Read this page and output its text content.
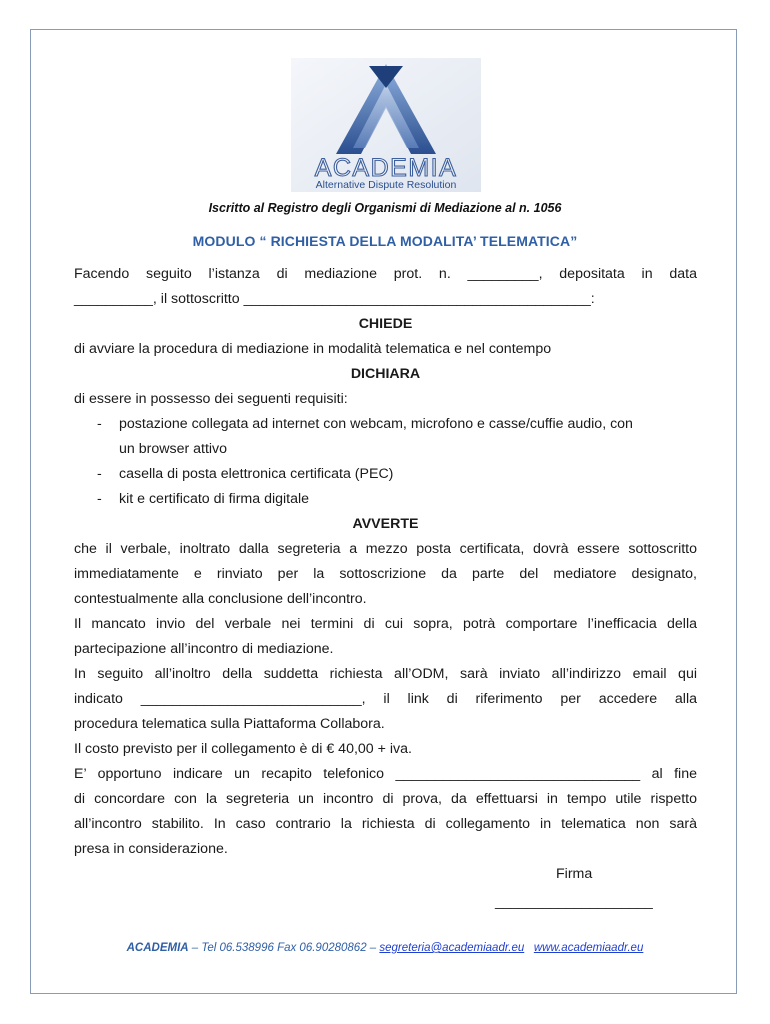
ACADEMIA
Alternative Dispute Resolution
Iscritto al Registro degli Organismi di Mediazione al n. 1056
MODULO “ RICHIESTA DELLA MODALITA’ TELEMATICA”

Facendo seguito l’istanza di mediazione prot. n. _________, depositata in data

__________, il sottoscritto ____________________________________________:

CHIEDE

di avviare la procedura di mediazione in modalità telematica e nel contempo

DICHIARA

di essere in possesso dei seguenti requisiti:

- postazione collegata ad internet con webcam, microfono e casse/cuffie audio, con
un browser attivo
- casella di posta elettronica certificata (PEC)
- kit e certificato di firma digitale

AVVERTE

che il verbale, inoltrato dalla segreteria a mezzo posta certificata, dovrà essere sottoscritto

immediatamente e rinviato per la sottoscrizione da parte del mediatore designato,

contestualmente alla conclusione dell’incontro.

Il mancato invio del verbale nei termini di cui sopra, potrà comportare l’inefficacia della

partecipazione all’incontro di mediazione.

In seguito all’inoltro della suddetta richiesta all’ODM, sarà inviato all’indirizzo email qui

indicato ____________________________, il link di riferimento per accedere alla

procedura telematica sulla Piattaforma Collabora.

Il costo previsto per il collegamento è di € 40,00 + iva.

E’ opportuno indicare un recapito telefonico _______________________________ al fine

di concordare con la segreteria un incontro di prova, da effettuarsi in tempo utile rispetto

all’incontro stabilito. In caso contrario la richiesta di collegamento in telematica non sarà

presa in considerazione.

Firma
____________________
ACADEMIA – Tel 06.538996 Fax 06.90280862 – segreteria@academiaadr.eu www.academiaadr.eu
